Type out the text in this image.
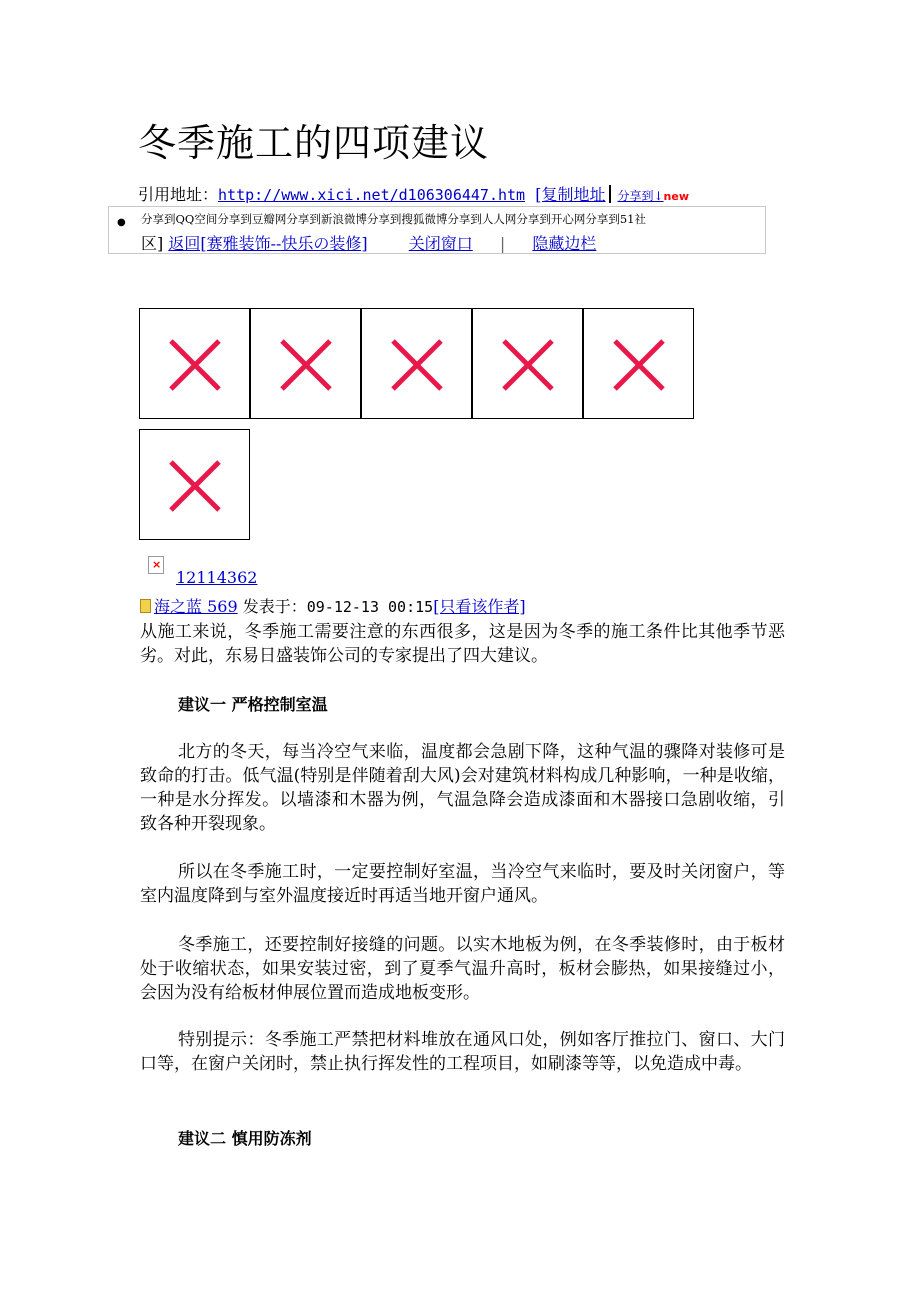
冬季施工的四项建议
引用地址：http://www.xici.net/d106306447.htm [复制地址 分享到↓new
● 分享到QQ空间分享到豆瓣网分享到新浪微博分享到搜狐微博分享到人人网分享到开心网分享到51社
区] 返回[赛雅装饰--快乐の装修]	关闭窗口 | 隐藏边栏
×
12114362
海之蓝 569 发表于：09-12-13 00:15[只看该作者]

从施工来说，冬季施工需要注意的东西很多，这是因为冬季的施工条件比其他季节恶劣。对此，东易日盛装饰公司的专家提出了四大建议。

建议一 严格控制室温

北方的冬天，每当冷空气来临，温度都会急剧下降，这种气温的骤降对装修可是致命的打击。低气温(特别是伴随着刮大风)会对建筑材料构成几种影响，一种是收缩，一种是水分挥发。以墙漆和木器为例，气温急降会造成漆面和木器接口急剧收缩，引致各种开裂现象。

所以在冬季施工时，一定要控制好室温，当冷空气来临时，要及时关闭窗户，等室内温度降到与室外温度接近时再适当地开窗户通风。

冬季施工，还要控制好接缝的问题。以实木地板为例，在冬季装修时，由于板材处于收缩状态，如果安装过密，到了夏季气温升高时，板材会膨热，如果接缝过小，会因为没有给板材伸展位置而造成地板变形。

特别提示：冬季施工严禁把材料堆放在通风口处，例如客厅推拉门、窗口、大门口等，在窗户关闭时，禁止执行挥发性的工程项目，如刷漆等等，以免造成中毒。

建议二 慎用防冻剂
